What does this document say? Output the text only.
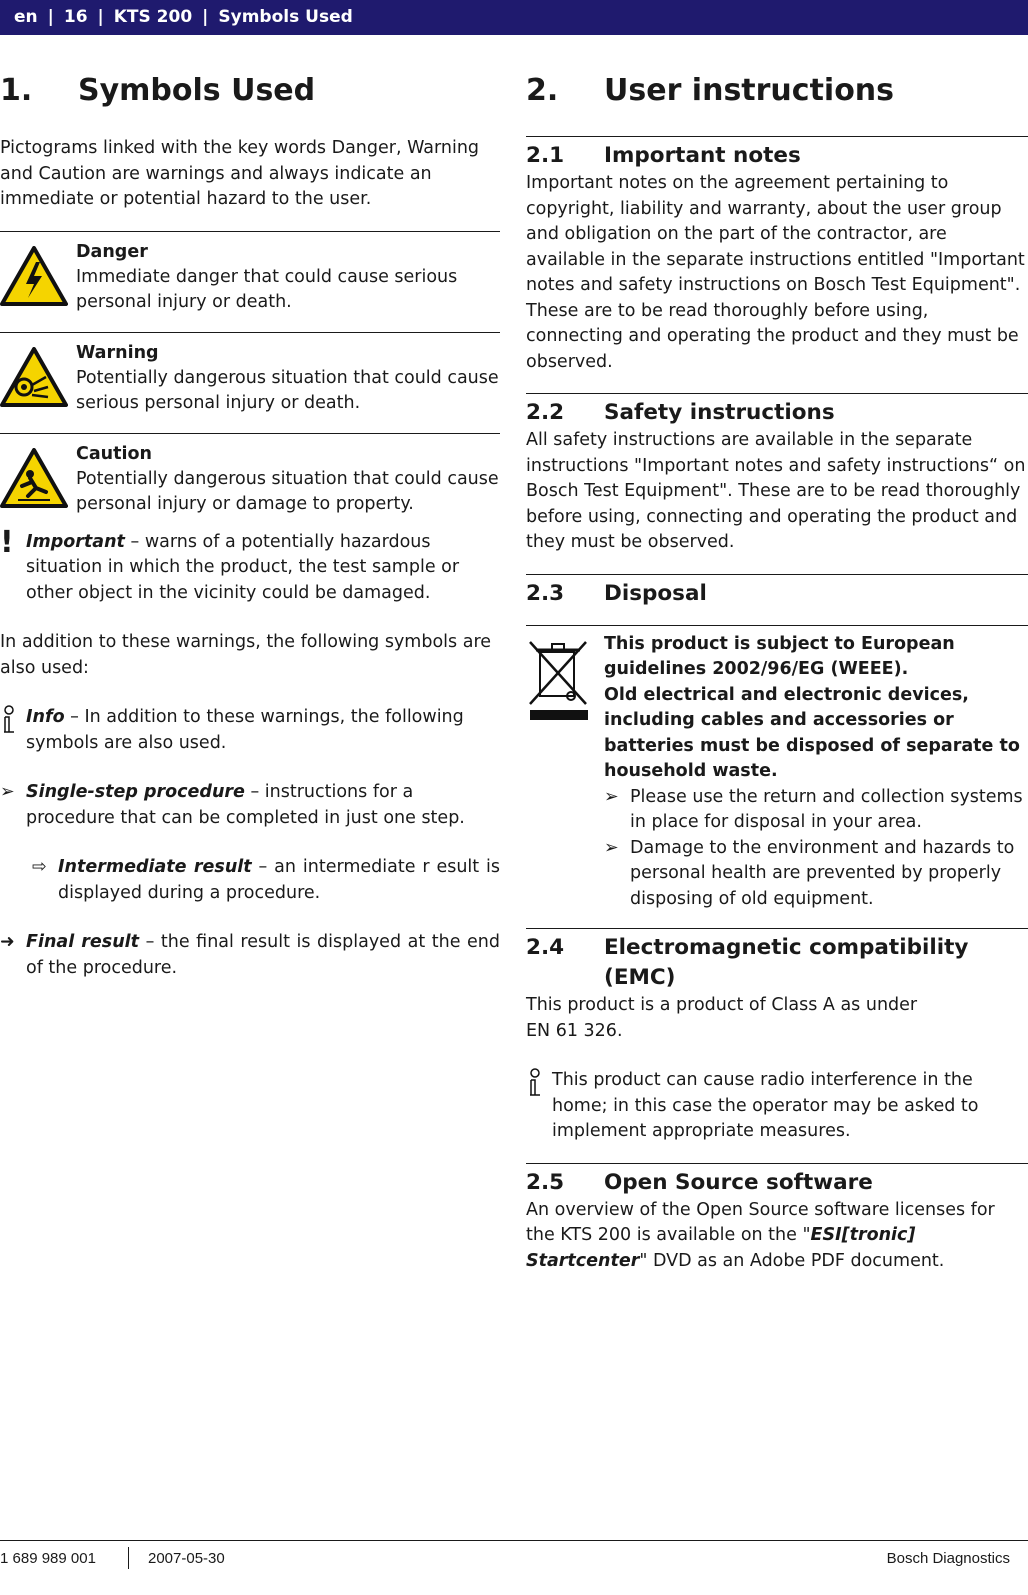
en | 16 | KTS 200 | Symbols Used
1.	Symbols Used

Pictograms linked with the key words Danger, Warning and Caution are warnings and always indicate an immediate or potential hazard to the user.

Danger
Immediate danger that could cause serious personal injury or death.
Warning
Potentially dangerous situation that could cause serious personal injury or death.
Caution
Potentially dangerous situation that could cause personal injury or damage to property.
! Important – warns of a potentially hazardous situation in which the product, the test sample or other object in the vicinity could be damaged.

In addition to these warnings, the following symbols are also used:

Info – In addition to these warnings, the following symbols are also used.
➢ Single-step procedure – instructions for a procedure that can be completed in just one step.
⇨ Intermediate result – an intermediate r esult is displayed during a procedure.
➜ Final result – the final result is displayed at the end of the procedure.
2.	User instructions
2.1	Important notes

Important notes on the agreement pertaining to copyright, liability and warranty, about the user group and obligation on the part of the contractor, are available in the separate instructions entitled "Important notes and safety instructions on Bosch Test Equipment". These are to be read thoroughly before using, connecting and operating the product and they must be observed.

2.2	Safety instructions

All safety instructions are available in the separate instructions "Important notes and safety instructions“ on Bosch Test Equipment". These are to be read thoroughly before using, connecting and operating the product and they must be observed.

2.3	Disposal
This product is subject to European guidelines 2002/96/EG (WEEE).
Old electrical and electronic devices, including cables and accessories or batteries must be disposed of separate to household waste.
➢ Please use the return and collection systems in place for disposal in your area.
➢ Damage to the environment and hazards to personal health are prevented by properly disposing of old equipment.
2.4	Electromagnetic compatibility (EMC)

This product is a product of Class A as under
EN 61 326.

This product can cause radio interference in the home; in this case the operator may be asked to implement appropriate measures.
2.5	Open Source software

An overview of the Open Source software licenses for the KTS 200 is available on the "ESI[tronic] Startcenter" DVD as an Adobe PDF document.

1 689 989 001	2007-05-30	Bosch Diagnostics
